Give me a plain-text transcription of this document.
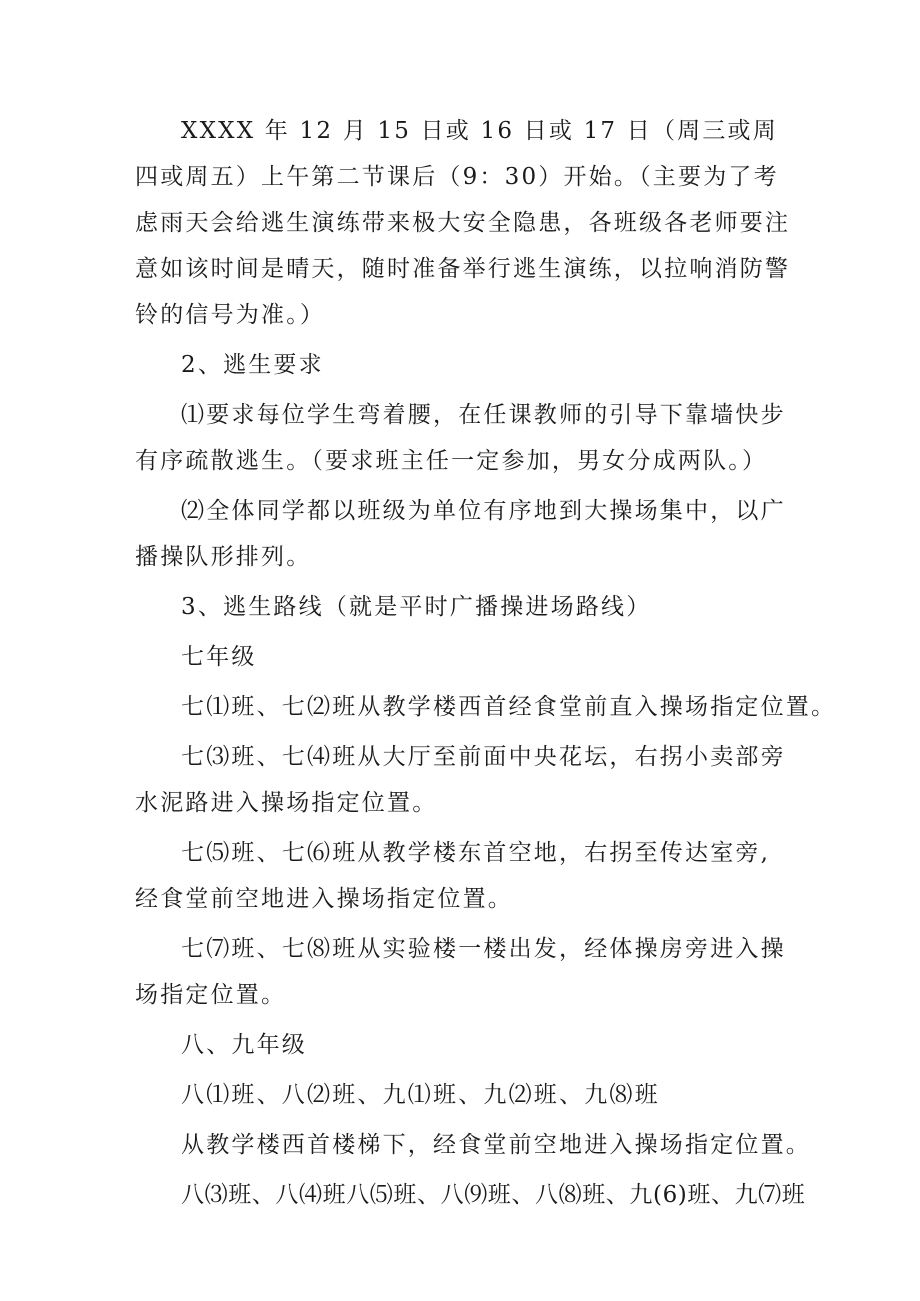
XXXX 年 12 月 15 日或 16 日或 17 日（周三或周四或周五）上午第二节课后（9：30）开始。（主要为了考虑雨天会给逃生演练带来极大安全隐患，各班级各老师要注意如该时间是晴天，随时准备举行逃生演练，以拉响消防警铃的信号为准。）

2、逃生要求

⑴要求每位学生弯着腰，在任课教师的引导下靠墙快步有序疏散逃生。（要求班主任一定参加，男女分成两队。）

⑵全体同学都以班级为单位有序地到大操场集中，以广播操队形排列。

3、逃生路线（就是平时广播操进场路线）

七年级

七⑴班、七⑵班从教学楼西首经食堂前直入操场指定位置。

七⑶班、七⑷班从大厅至前面中央花坛，右拐小卖部旁水泥路进入操场指定位置。

七⑸班、七⑹班从教学楼东首空地，右拐至传达室旁,经食堂前空地进入操场指定位置。

七⑺班、七⑻班从实验楼一楼出发，经体操房旁进入操场指定位置。

八、九年级

八⑴班、八⑵班、九⑴班、九⑵班、九⑻班

从教学楼西首楼梯下，经食堂前空地进入操场指定位置。

八⑶班、八⑷班八⑸班、八⑼班、八⑻班、九(6)班、九⑺班
